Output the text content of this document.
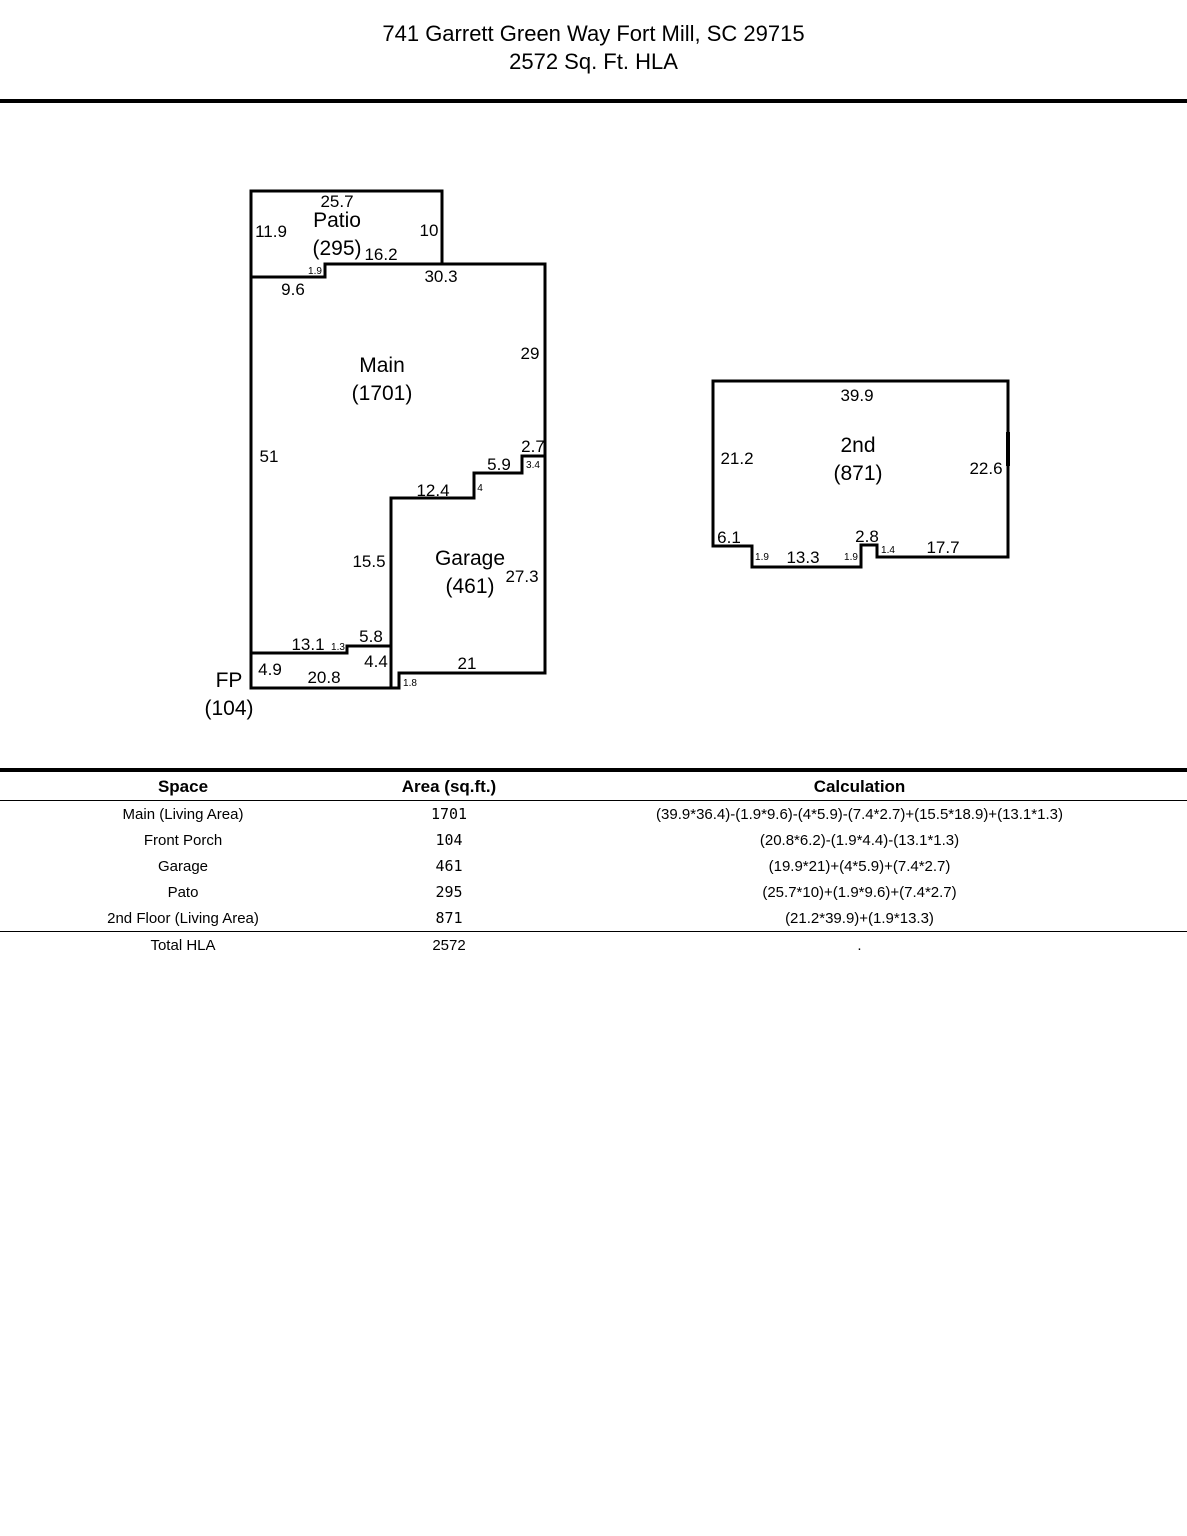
741 Garrett Green Way Fort Mill, SC 29715
2572 Sq. Ft. HLA
Patio
(295)
Main
(1701)
Garage
(461)
FP
(104)
2nd
(871)
25.7
11.9	10
16.2
9.6
30.3
29
51
2.7
5.9
12.4
15.5
27.3
21
13.1 5.8
4.4
4.9 20.8
39.9
21.2
22.6
6.1
13.3
2.8
17.7
1.9
3.4
4
1.3
1.8
1.9	1.9
1.4
Space	Area (sq.ft.)	Calculation
Main (Living Area)	1701	(39.9*36.4)-(1.9*9.6)-(4*5.9)-(7.4*2.7)+(15.5*18.9)+(13.1*1.3)
Front Porch	104	(20.8*6.2)-(1.9*4.4)-(13.1*1.3)
Garage	461	(19.9*21)+(4*5.9)+(7.4*2.7)
Pato	295	(25.7*10)+(1.9*9.6)+(7.4*2.7)
2nd Floor (Living Area)	871	(21.2*39.9)+(1.9*13.3)
Total HLA	2572	.
